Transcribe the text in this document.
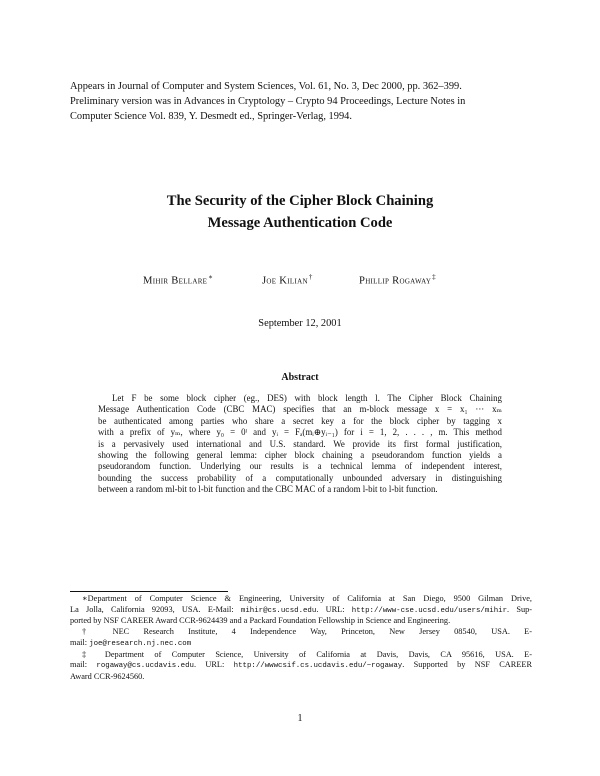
Appears in Journal of Computer and System Sciences, Vol. 61, No. 3, Dec 2000, pp. 362–399.
Preliminary version was in Advances in Cryptology – Crypto 94 Proceedings, Lecture Notes in
Computer Science Vol. 839, Y. Desmedt ed., Springer-Verlag, 1994.
The Security of the Cipher Block Chaining
Message Authentication Code
Mihir Bellare∗	Joe Kilian†	Phillip Rogaway‡
September 12, 2001
Abstract
Let F be some block cipher (eg., DES) with block length l. The Cipher Block Chaining
Message Authentication Code (CBC MAC) specifies that an m-block message x = x₁ ··· xₘ
be authenticated among parties who share a secret key a for the block cipher by tagging x
with a prefix of yₘ, where y₀ = 0ˡ and yᵢ = Fₐ(mᵢ⊕yᵢ₋₁) for i = 1, 2, . . . , m. This method
is a pervasively used international and U.S. standard. We provide its first formal justification,
showing the following general lemma: cipher block chaining a pseudorandom function yields a
pseudorandom function. Underlying our results is a technical lemma of independent interest,
bounding the success probability of a computationally unbounded adversary in distinguishing
between a random ml-bit to l-bit function and the CBC MAC of a random l-bit to l-bit function.
∗Department of Computer Science & Engineering, University of California at San Diego, 9500 Gilman Drive,
La Jolla, California 92093, USA. E-Mail: mihir@cs.ucsd.edu. URL: http://www-cse.ucsd.edu/users/mihir. Sup-
ported by NSF CAREER Award CCR-9624439 and a Packard Foundation Fellowship in Science and Engineering.
† NEC Research Institute, 4 Independence Way, Princeton, New Jersey 08540, USA. E-
mail: joe@research.nj.nec.com
‡ Department of Computer Science, University of California at Davis, Davis, CA 95616, USA. E-
mail: rogaway@cs.ucdavis.edu. URL: http://wwwcsif.cs.ucdavis.edu/~rogaway. Supported by NSF CAREER
Award CCR-9624560.
1
